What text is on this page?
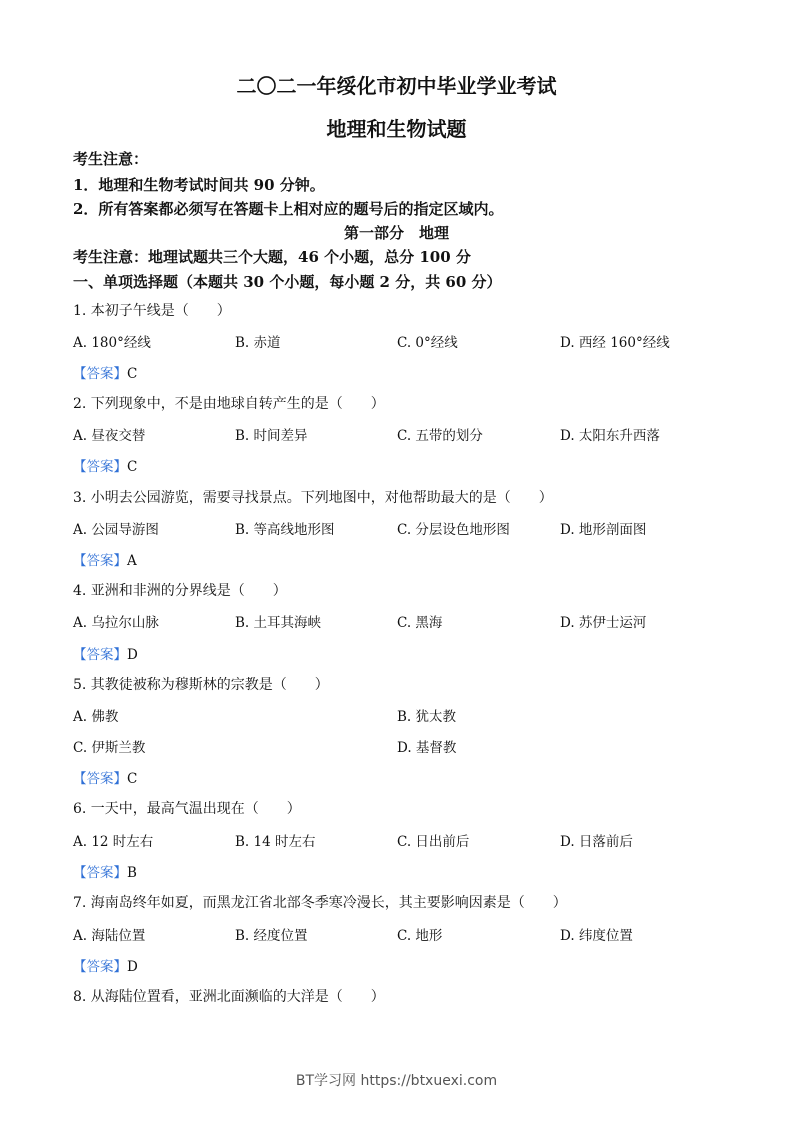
二〇二一年绥化市初中毕业学业考试
地理和生物试题
考生注意：
1．地理和生物考试时间共 90 分钟。
2．所有答案都必须写在答题卡上相对应的题号后的指定区域内。
第一部分　地理
考生注意：地理试题共三个大题，46 个小题，总分 100 分
一、单项选择题（本题共 30 个小题，每小题 2 分，共 60 分）
1. 本初子午线是（　　）
A. 180°经线	B. 赤道	C. 0°经线	D. 西经 160°经线
【答案】C
2. 下列现象中，不是由地球自转产生的是（　　）
A. 昼夜交替	B. 时间差异	C. 五带的划分	D. 太阳东升西落
【答案】C
3. 小明去公园游览，需要寻找景点。下列地图中，对他帮助最大的是（　　）
A. 公园导游图	B. 等高线地形图	C. 分层设色地形图	D. 地形剖面图
【答案】A
4. 亚洲和非洲的分界线是（　　）
A. 乌拉尔山脉	B. 土耳其海峡	C. 黑海	D. 苏伊士运河
【答案】D
5. 其教徒被称为穆斯林的宗教是（　　）
A. 佛教	B. 犹太教
C. 伊斯兰教	D. 基督教
【答案】C
6. 一天中，最高气温出现在（　　）
A. 12 时左右	B. 14 时左右	C. 日出前后	D. 日落前后
【答案】B
7. 海南岛终年如夏，而黑龙江省北部冬季寒冷漫长，其主要影响因素是（　　）
A. 海陆位置	B. 经度位置	C. 地形	D. 纬度位置
【答案】D
8. 从海陆位置看，亚洲北面濒临的大洋是（　　）
BT学习网 https://btxuexi.com
